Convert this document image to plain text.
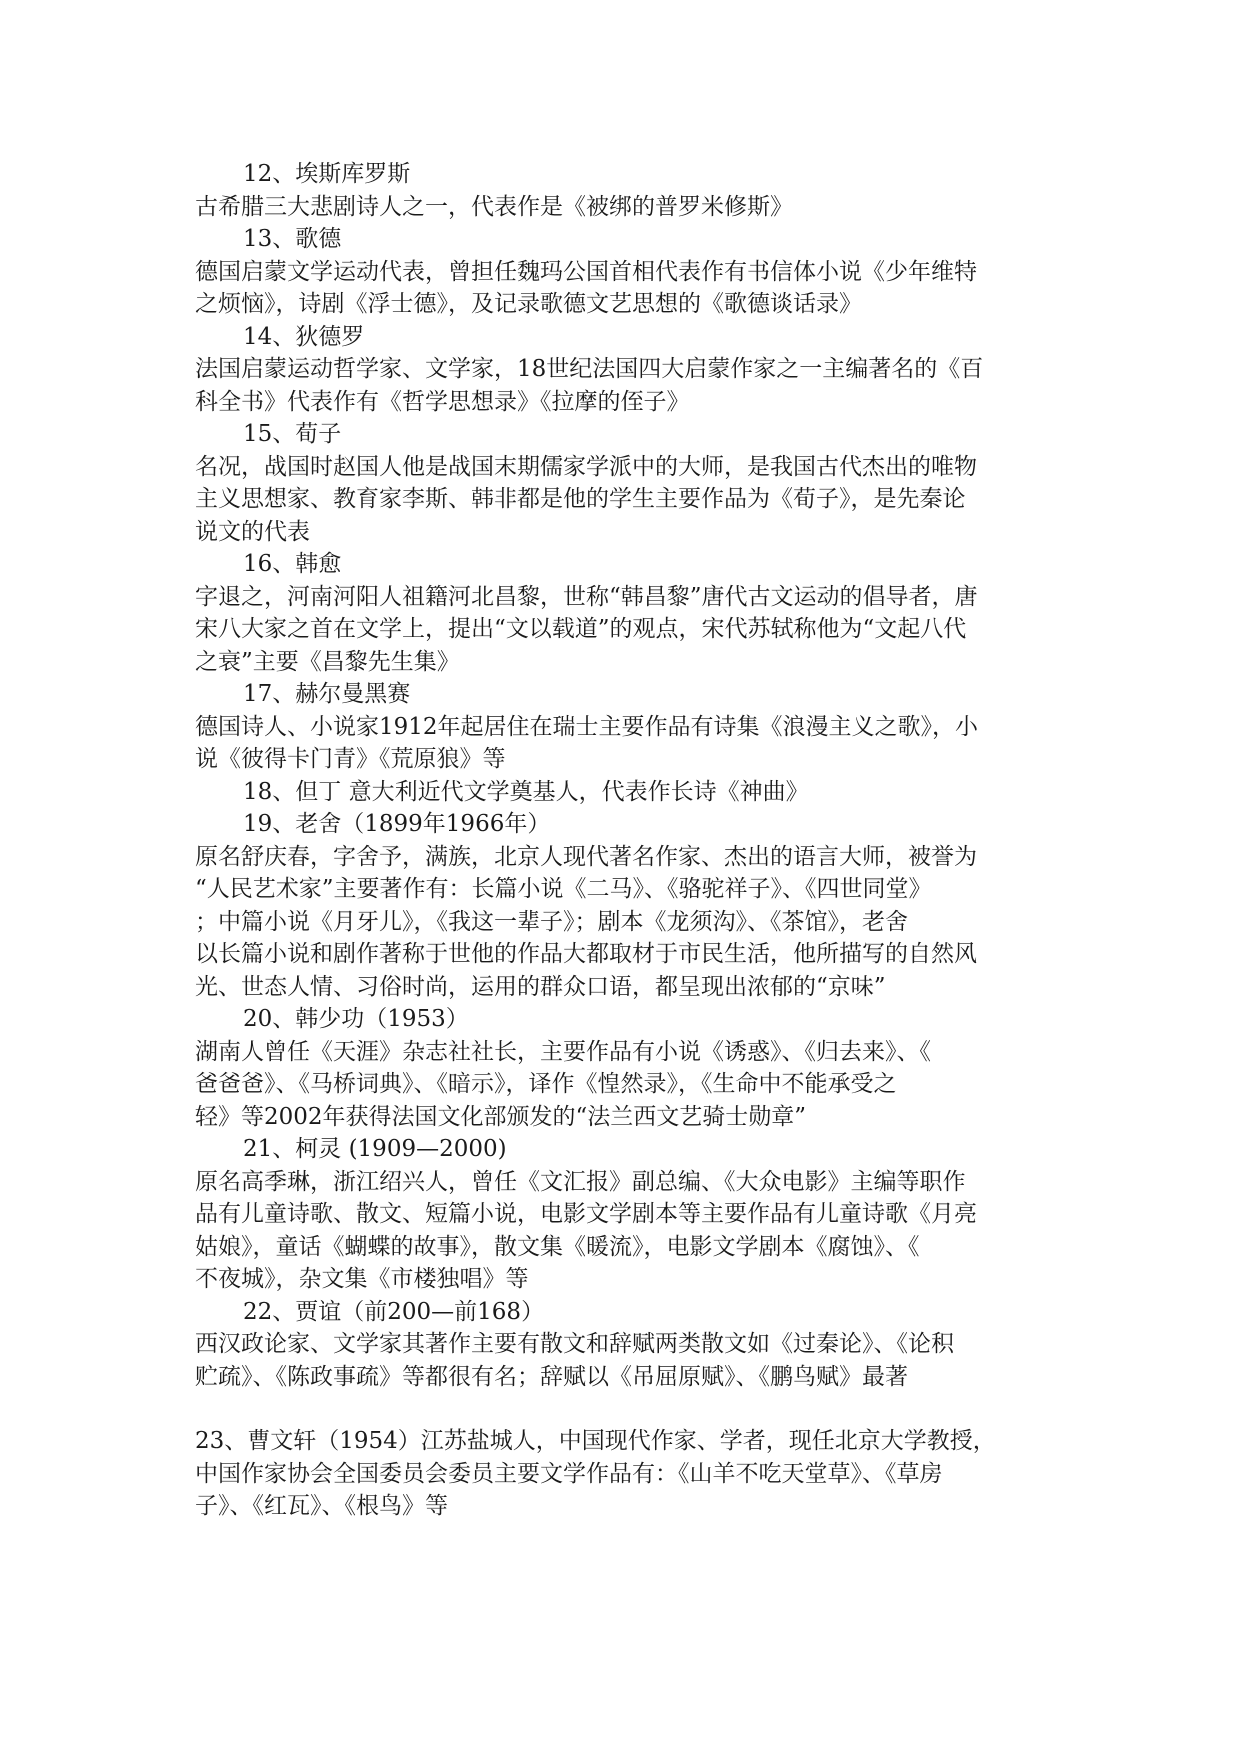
12、埃斯库罗斯

古希腊三大悲剧诗人之一，代表作是《被绑的普罗米修斯》

13、歌德

德国启蒙文学运动代表，曾担任魏玛公国首相代表作有书信体小说《少年维特

之烦恼》，诗剧《浮士德》，及记录歌德文艺思想的《歌德谈话录》

14、狄德罗

法国启蒙运动哲学家、文学家，18世纪法国四大启蒙作家之一主编著名的《百

科全书》代表作有《哲学思想录》《拉摩的侄子》

15、荀子

名况，战国时赵国人他是战国末期儒家学派中的大师，是我国古代杰出的唯物

主义思想家、教育家李斯、韩非都是他的学生主要作品为《荀子》，是先秦论

说文的代表

16、韩愈

字退之，河南河阳人祖籍河北昌黎，世称“韩昌黎”唐代古文运动的倡导者，唐

宋八大家之首在文学上，提出“文以载道”的观点，宋代苏轼称他为“文起八代

之衰”主要《昌黎先生集》

17、赫尔曼黑赛

德国诗人、小说家1912年起居住在瑞士主要作品有诗集《浪漫主义之歌》，小

说《彼得卡门青》《荒原狼》等

18、但丁 意大利近代文学奠基人，代表作长诗《神曲》

19、老舍（1899年1966年）

原名舒庆春，字舍予，满族，北京人现代著名作家、杰出的语言大师，被誉为

“人民艺术家”主要著作有：长篇小说《二马》、《骆驼祥子》、《四世同堂》

；中篇小说《月牙儿》，《我这一辈子》；剧本《龙须沟》、《茶馆》，老舍

以长篇小说和剧作著称于世他的作品大都取材于市民生活，他所描写的自然风

光、世态人情、习俗时尚，运用的群众口语，都呈现出浓郁的“京味”

20、韩少功（1953）

湖南人曾任《天涯》杂志社社长，主要作品有小说《诱惑》、《归去来》、《

爸爸爸》、《马桥词典》、《暗示》，译作《惶然录》，《生命中不能承受之

轻》等2002年获得法国文化部颁发的“法兰西文艺骑士勋章”

21、柯灵 (1909—2000)

原名高季琳，浙江绍兴人，曾任《文汇报》副总编、《大众电影》主编等职作

品有儿童诗歌、散文、短篇小说，电影文学剧本等主要作品有儿童诗歌《月亮

姑娘》，童话《蝴蝶的故事》，散文集《暖流》，电影文学剧本《腐蚀》、《

不夜城》，杂文集《市楼独唱》等

22、贾谊（前200—前168）

西汉政论家、文学家其著作主要有散文和辞赋两类散文如《过秦论》、《论积

贮疏》、《陈政事疏》等都很有名；辞赋以《吊屈原赋》、《鹏鸟赋》最著

23、曹文轩（1954）江苏盐城人，中国现代作家、学者，现任北京大学教授，

中国作家协会全国委员会委员主要文学作品有：《山羊不吃天堂草》、《草房

子》、《红瓦》、《根鸟》等
